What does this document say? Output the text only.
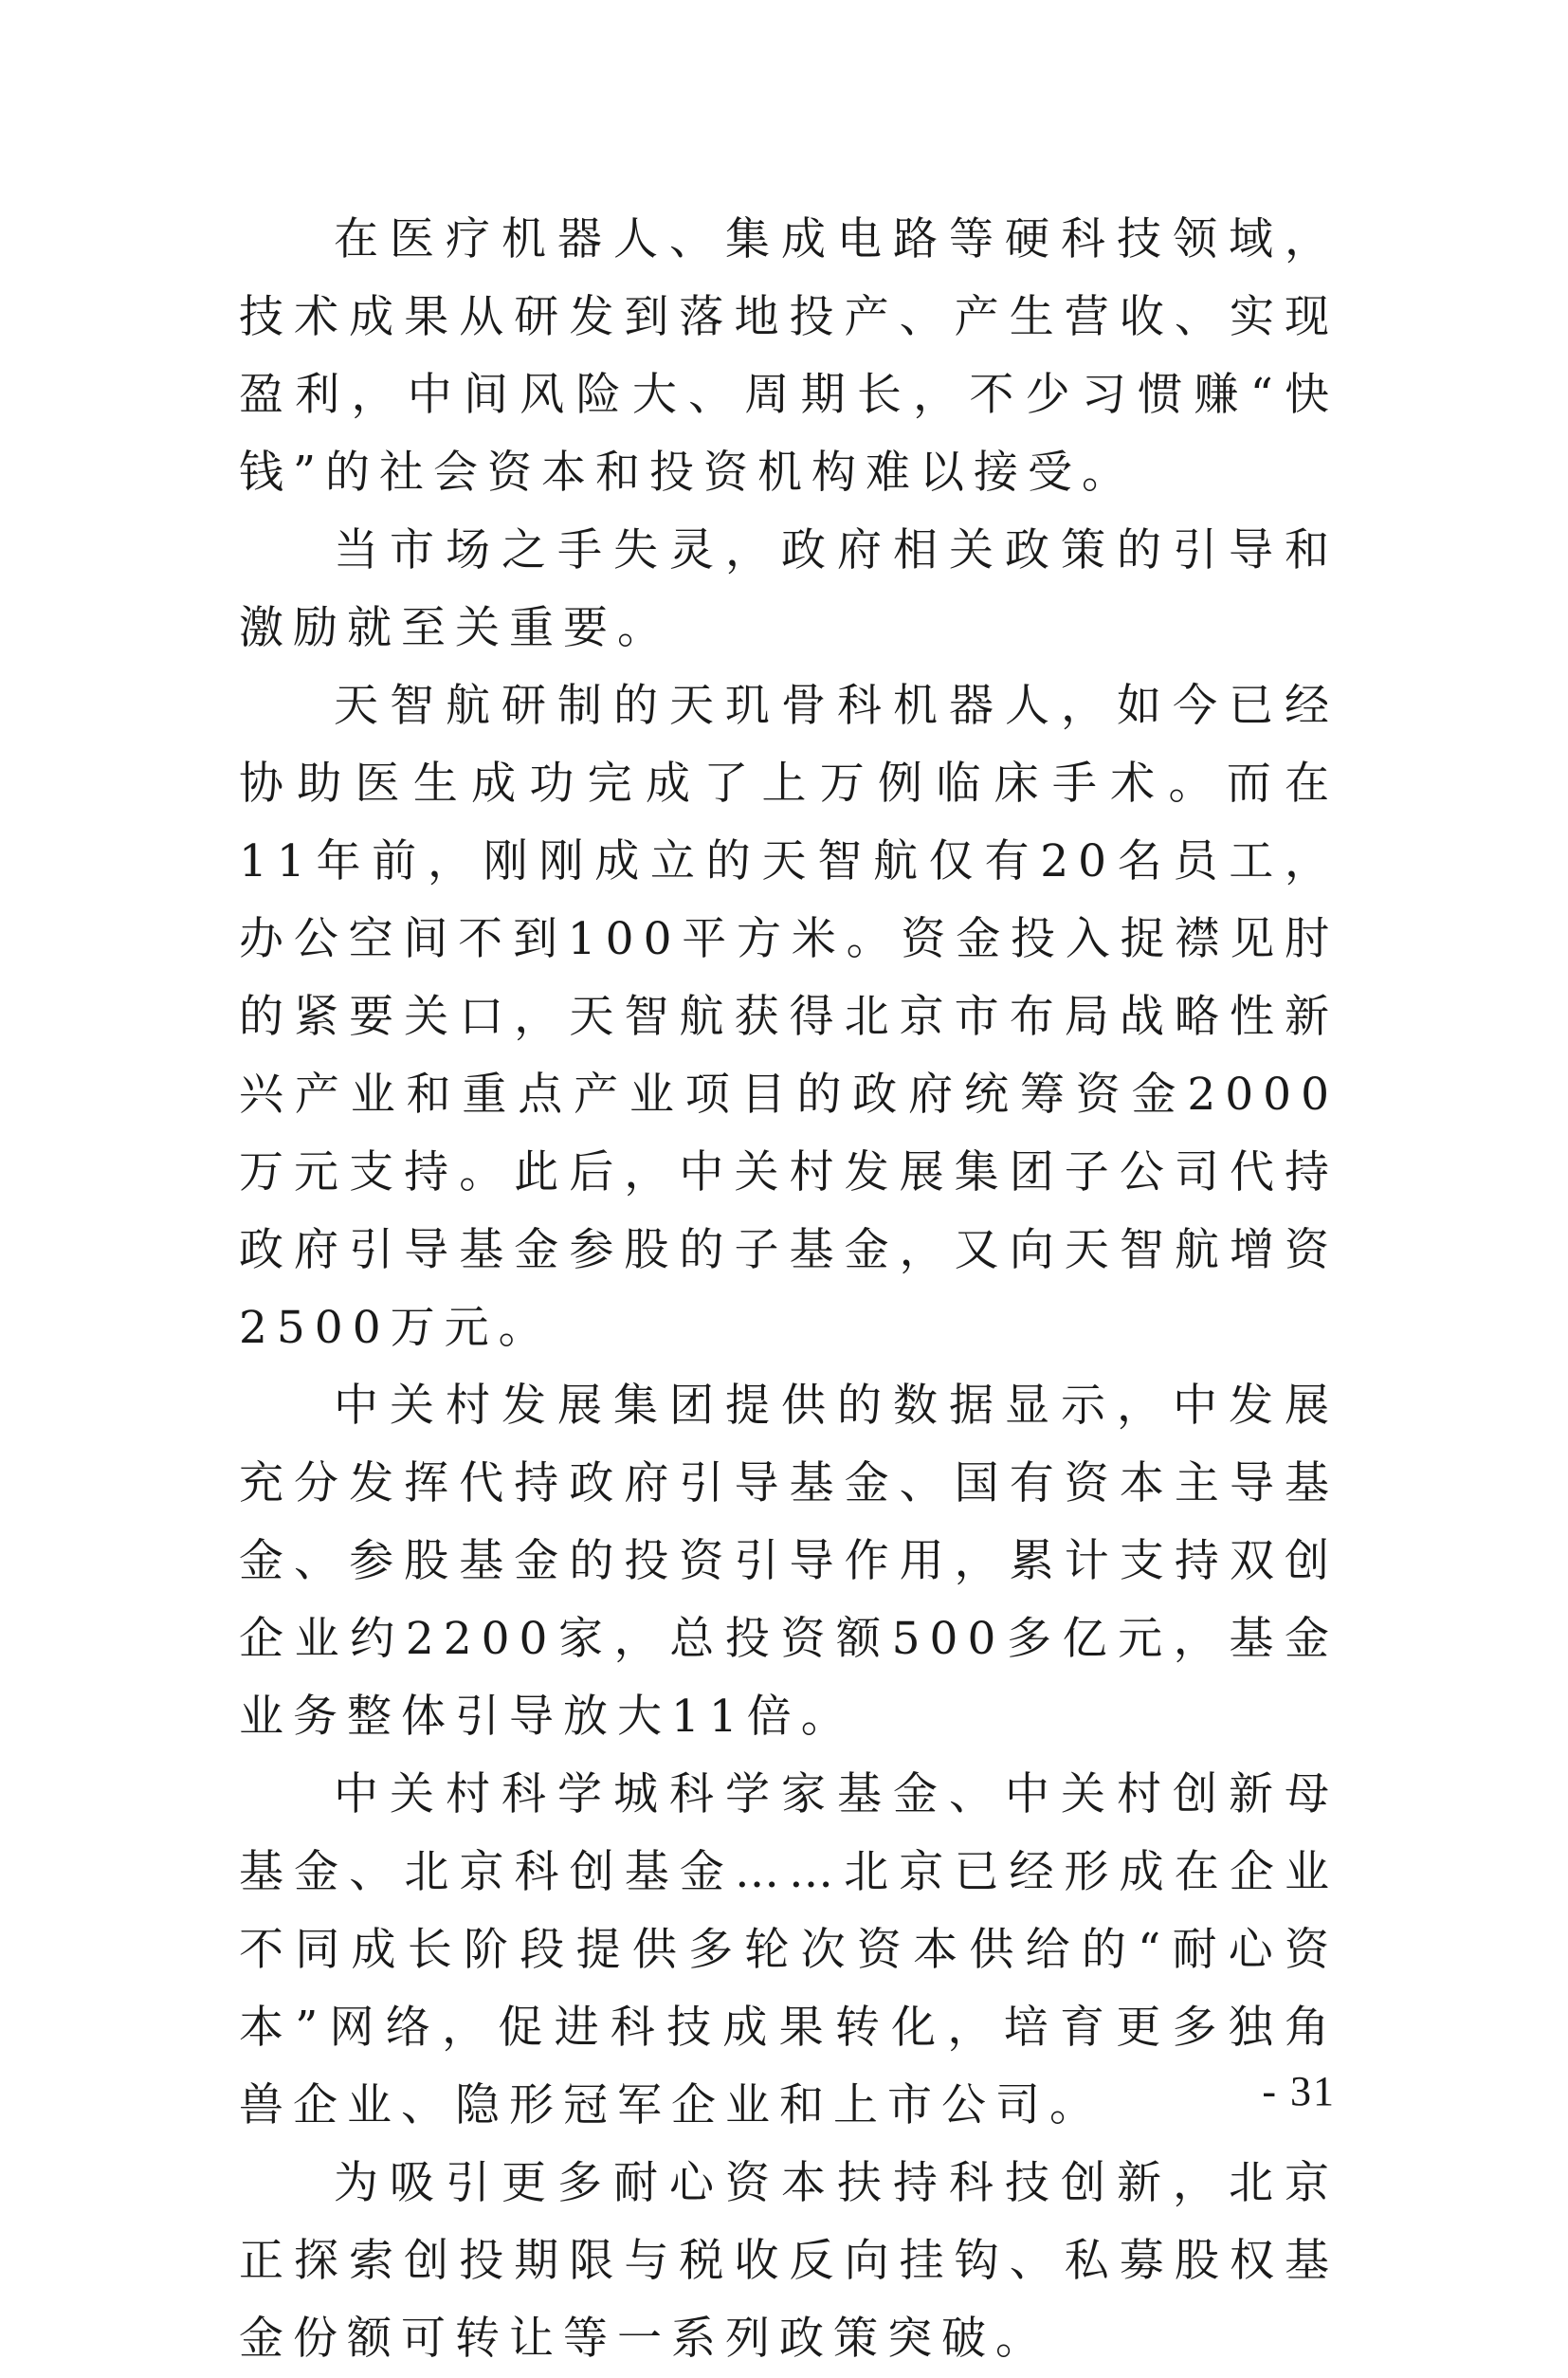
在医疗机器人、集成电路等硬科技领域，技术成果从研发到落地投产、产生营收、实现盈利，中间风险大、周期长，不少习惯赚“快钱”的社会资本和投资机构难以接受。

当市场之手失灵，政府相关政策的引导和激励就至关重要。

天智航研制的天玑骨科机器人，如今已经协助医生成功完成了上万例临床手术。而在11年前，刚刚成立的天智航仅有20名员工，办公空间不到100平方米。资金投入捉襟见肘的紧要关口，天智航获得北京市布局战略性新兴产业和重点产业项目的政府统筹资金2000万元支持。此后，中关村发展集团子公司代持政府引导基金参股的子基金，又向天智航增资2500万元。

中关村发展集团提供的数据显示，中发展充分发挥代持政府引导基金、国有资本主导基金、参股基金的投资引导作用，累计支持双创企业约2200家，总投资额500多亿元，基金业务整体引导放大11倍。

中关村科学城科学家基金、中关村创新母基金、北京科创基金……北京已经形成在企业不同成长阶段提供多轮次资本供给的“耐心资本”网络，促进科技成果转化，培育更多独角兽企业、隐形冠军企业和上市公司。

为吸引更多耐心资本扶持科技创新，北京正探索创投期限与税收反向挂钩、私募股权基金份额可转让等一系列政策突破。

- 31
